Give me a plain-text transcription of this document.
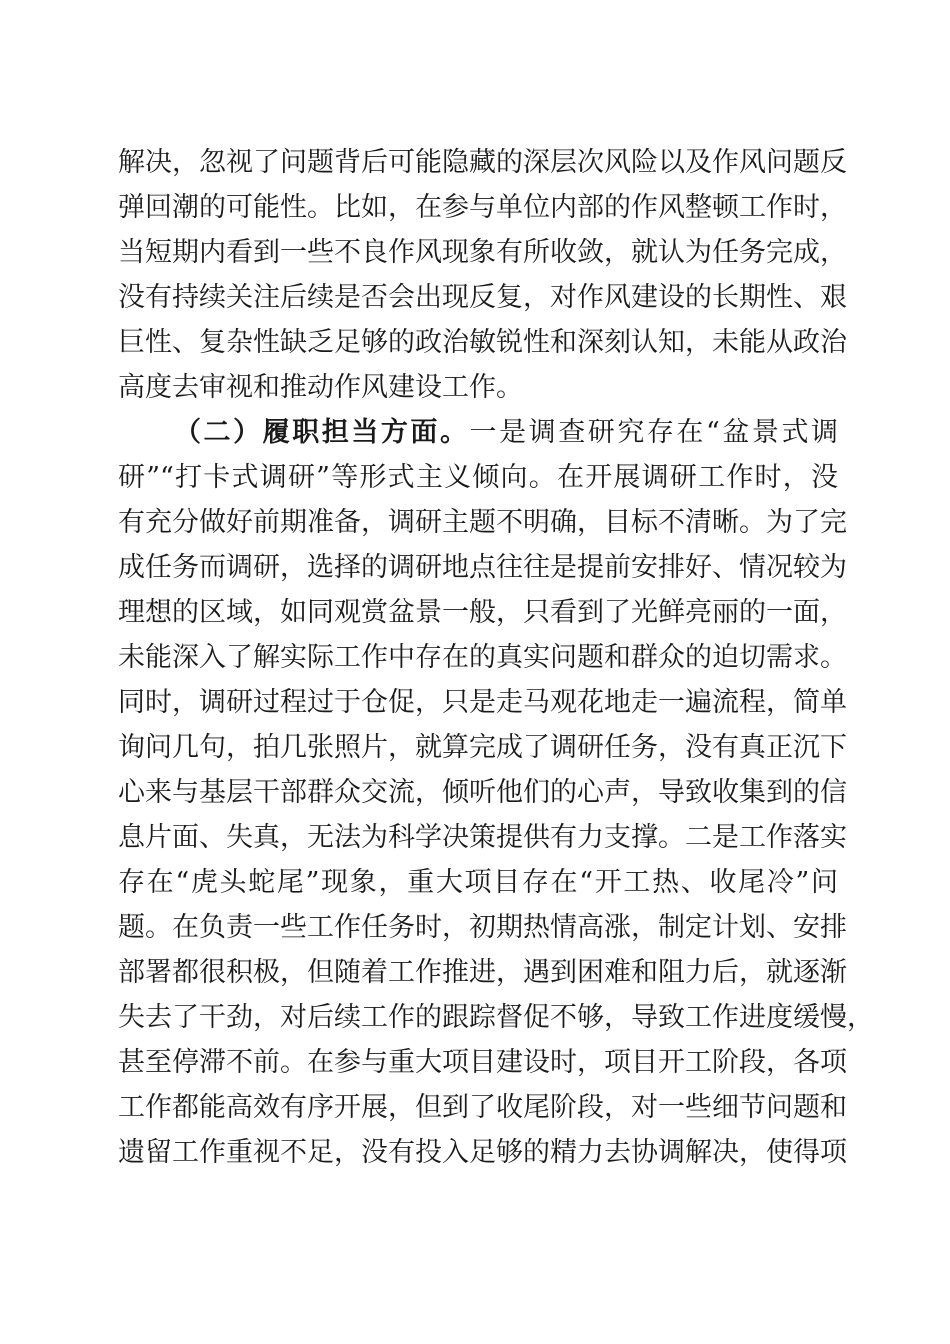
解决，忽视了问题背后可能隐藏的深层次风险以及作风问题反
弹回潮的可能性。比如，在参与单位内部的作风整顿工作时，
当短期内看到一些不良作风现象有所收敛，就认为任务完成，
没有持续关注后续是否会出现反复，对作风建设的长期性、艰
巨性、复杂性缺乏足够的政治敏锐性和深刻认知，未能从政治
高度去审视和推动作风建设工作。
（二）履职担当方面。一是调查研究存在“盆景式调
研”“打卡式调研”等形式主义倾向。在开展调研工作时，没
有充分做好前期准备，调研主题不明确，目标不清晰。为了完
成任务而调研，选择的调研地点往往是提前安排好、情况较为
理想的区域，如同观赏盆景一般，只看到了光鲜亮丽的一面，
未能深入了解实际工作中存在的真实问题和群众的迫切需求。
同时，调研过程过于仓促，只是走马观花地走一遍流程，简单
询问几句，拍几张照片，就算完成了调研任务，没有真正沉下
心来与基层干部群众交流，倾听他们的心声，导致收集到的信
息片面、失真，无法为科学决策提供有力支撑。二是工作落实
存在“虎头蛇尾”现象，重大项目存在“开工热、收尾冷”问
题。在负责一些工作任务时，初期热情高涨，制定计划、安排
部署都很积极，但随着工作推进，遇到困难和阻力后，就逐渐
失去了干劲，对后续工作的跟踪督促不够，导致工作进度缓慢，
甚至停滞不前。在参与重大项目建设时，项目开工阶段，各项
工作都能高效有序开展，但到了收尾阶段，对一些细节问题和
遗留工作重视不足，没有投入足够的精力去协调解决，使得项
